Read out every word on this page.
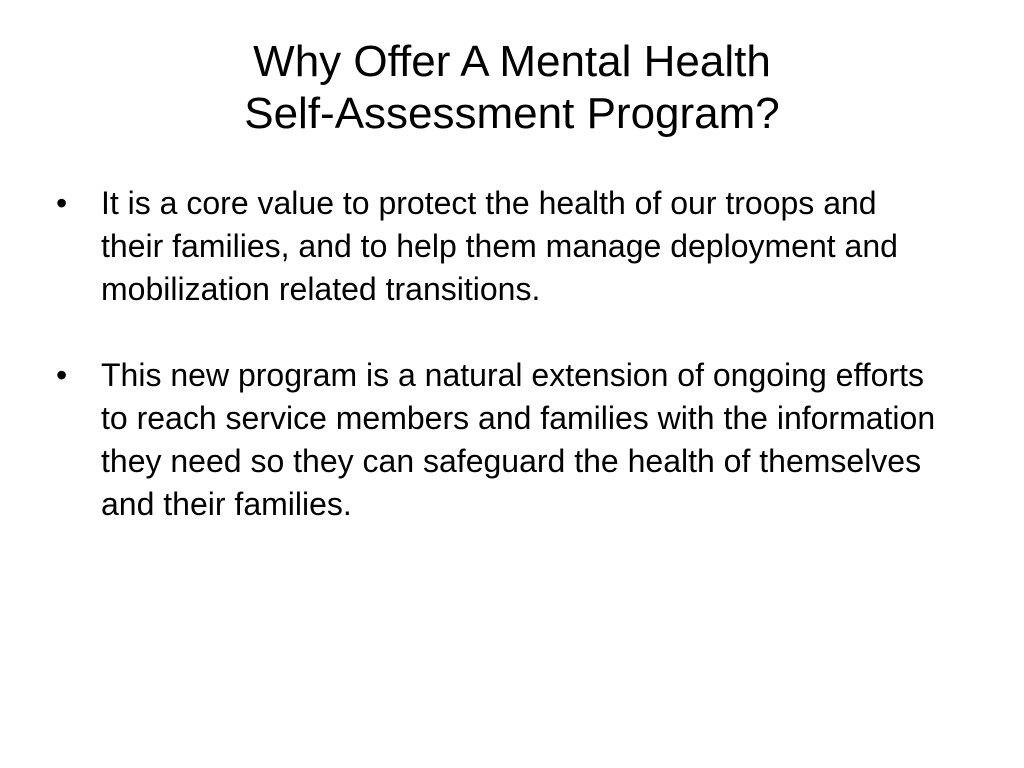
Why Offer A Mental Health
Self-Assessment Program?
•	It is a core value to protect the health of our troops and their families, and to help them manage deployment and mobilization related transitions.
•	This new program is a natural extension of ongoing efforts to reach service members and families with the information they need so they can safeguard the health of themselves and their families.
